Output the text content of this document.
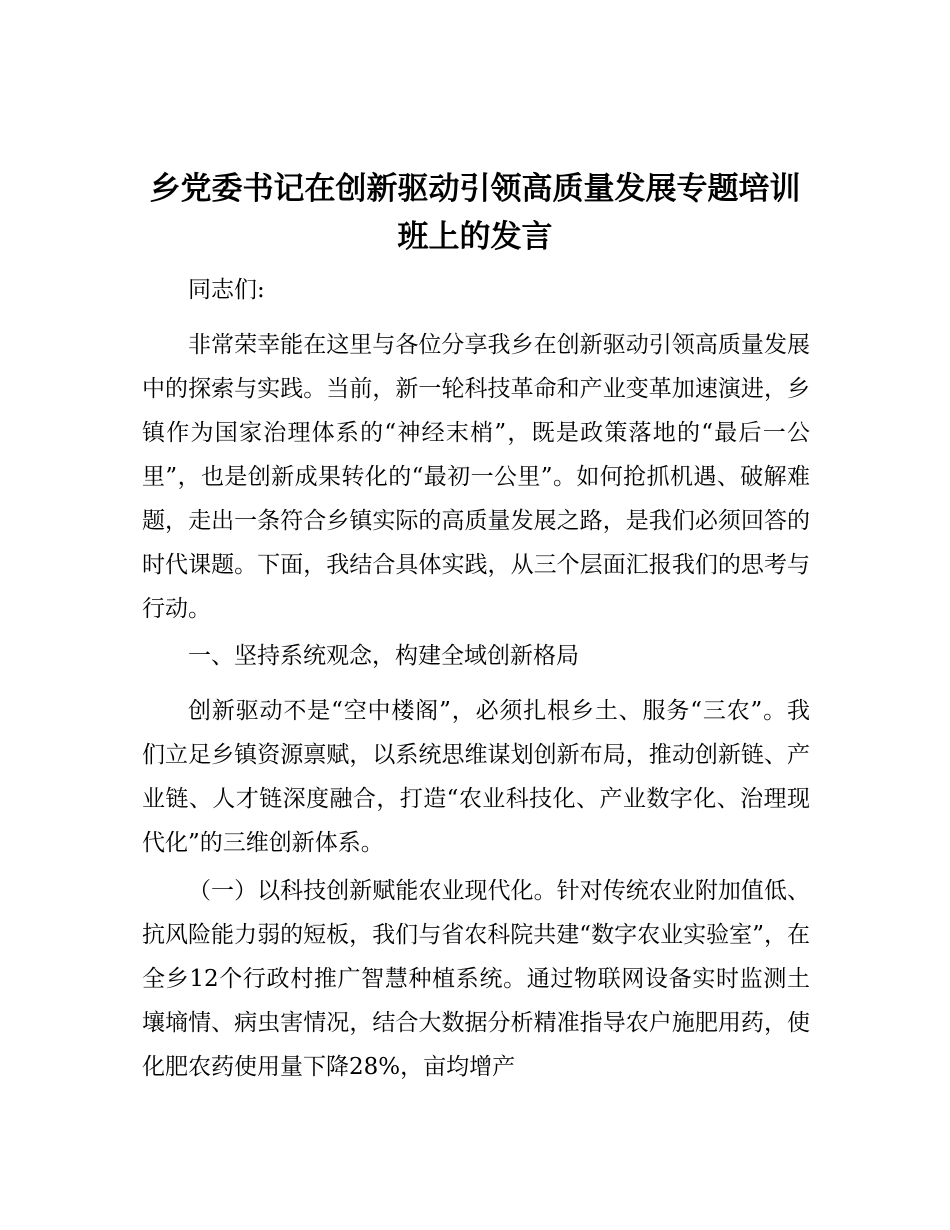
乡党委书记在创新驱动引领高质量发展专题培训班上的发言

同志们:

非常荣幸能在这里与各位分享我乡在创新驱动引领高质量发展中的探索与实践。当前，新一轮科技革命和产业变革加速演进，乡镇作为国家治理体系的“神经末梢”，既是政策落地的“最后一公里”，也是创新成果转化的“最初一公里”。如何抢抓机遇、破解难题，走出一条符合乡镇实际的高质量发展之路，是我们必须回答的时代课题。下面，我结合具体实践，从三个层面汇报我们的思考与行动。

一、坚持系统观念，构建全域创新格局

创新驱动不是“空中楼阁”，必须扎根乡土、服务“三农”。我们立足乡镇资源禀赋，以系统思维谋划创新布局，推动创新链、产业链、人才链深度融合，打造“农业科技化、产业数字化、治理现代化”的三维创新体系。

（一）以科技创新赋能农业现代化。针对传统农业附加值低、抗风险能力弱的短板，我们与省农科院共建“数字农业实验室”，在全乡12个行政村推广智慧种植系统。通过物联网设备实时监测土壤墒情、病虫害情况，结合大数据分析精准指导农户施肥用药，使化肥农药使用量下降28%，亩均增产
